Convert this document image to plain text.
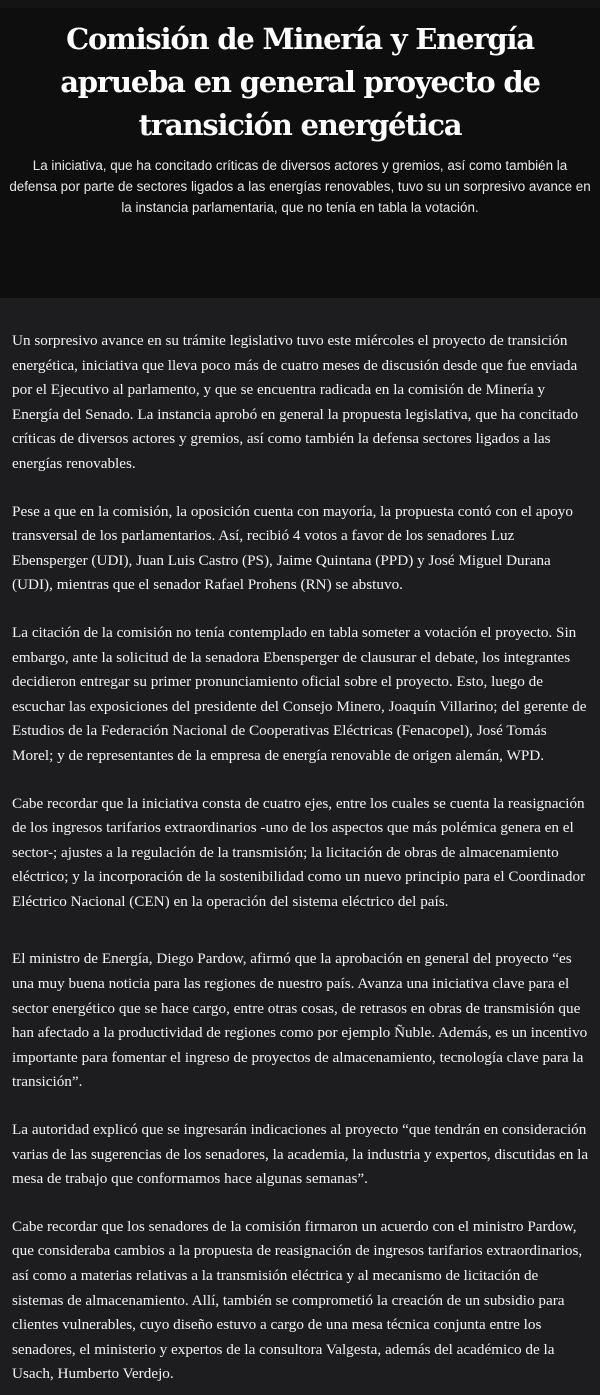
Comisión de Minería y Energía aprueba en general proyecto de transición energética

La iniciativa, que ha concitado críticas de diversos actores y gremios, así como también la defensa por parte de sectores ligados a las energías renovables, tuvo su un sorpresivo avance en la instancia parlamentaria, que no tenía en tabla la votación.

Un sorpresivo avance en su trámite legislativo tuvo este miércoles el proyecto de transición energética, iniciativa que lleva poco más de cuatro meses de discusión desde que fue enviada por el Ejecutivo al parlamento, y que se encuentra radicada en la comisión de Minería y Energía del Senado. La instancia aprobó en general la propuesta legislativa, que ha concitado críticas de diversos actores y gremios, así como también la defensa sectores ligados a las energías renovables.

Pese a que en la comisión, la oposición cuenta con mayoría, la propuesta contó con el apoyo transversal de los parlamentarios. Así, recibió 4 votos a favor de los senadores Luz Ebensperger (UDI), Juan Luis Castro (PS), Jaime Quintana (PPD) y José Miguel Durana (UDI), mientras que el senador Rafael Prohens (RN) se abstuvo.

La citación de la comisión no tenía contemplado en tabla someter a votación el proyecto. Sin embargo, ante la solicitud de la senadora Ebensperger de clausurar el debate, los integrantes decidieron entregar su primer pronunciamiento oficial sobre el proyecto. Esto, luego de escuchar las exposiciones del presidente del Consejo Minero, Joaquín Villarino; del gerente de Estudios de la Federación Nacional de Cooperativas Eléctricas (Fenacopel), José Tomás Morel; y de representantes de la empresa de energía renovable de origen alemán, WPD.

Cabe recordar que la iniciativa consta de cuatro ejes, entre los cuales se cuenta la reasignación de los ingresos tarifarios extraordinarios -uno de los aspectos que más polémica genera en el sector-; ajustes a la regulación de la transmisión; la licitación de obras de almacenamiento eléctrico; y la incorporación de la sostenibilidad como un nuevo principio para el Coordinador Eléctrico Nacional (CEN) en la operación del sistema eléctrico del país.

El ministro de Energía, Diego Pardow, afirmó que la aprobación en general del proyecto “es una muy buena noticia para las regiones de nuestro país. Avanza una iniciativa clave para el sector energético que se hace cargo, entre otras cosas, de retrasos en obras de transmisión que han afectado a la productividad de regiones como por ejemplo Ñuble. Además, es un incentivo importante para fomentar el ingreso de proyectos de almacenamiento, tecnología clave para la transición”.

La autoridad explicó que se ingresarán indicaciones al proyecto “que tendrán en consideración varias de las sugerencias de los senadores, la academia, la industria y expertos, discutidas en la mesa de trabajo que conformamos hace algunas semanas”.

Cabe recordar que los senadores de la comisión firmaron un acuerdo con el ministro Pardow, que consideraba cambios a la propuesta de reasignación de ingresos tarifarios extraordinarios, así como a materias relativas a la transmisión eléctrica y al mecanismo de licitación de sistemas de almacenamiento. Allí, también se comprometió la creación de un subsidio para clientes vulnerables, cuyo diseño estuvo a cargo de una mesa técnica conjunta entre los senadores, el ministerio y expertos de la consultora Valgesta, además del académico de la Usach, Humberto Verdejo.
